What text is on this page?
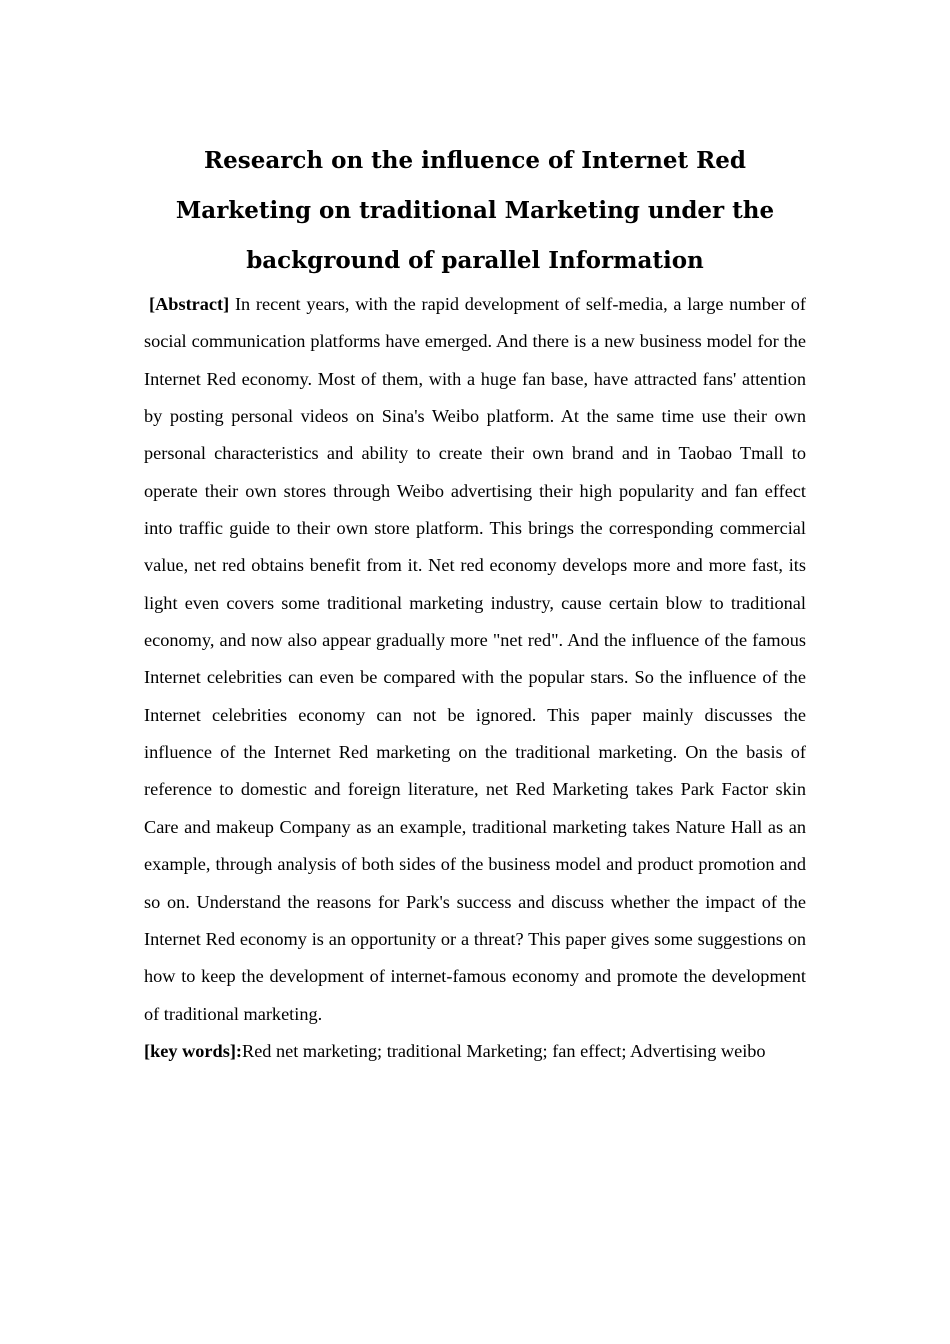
Research on the influence of Internet Red Marketing on traditional Marketing under the background of parallel Information

[Abstract] In recent years, with the rapid development of self-media, a large number of social communication platforms have emerged. And there is a new business model for the Internet Red economy. Most of them, with a huge fan base, have attracted fans' attention by posting personal videos on Sina's Weibo platform. At the same time use their own personal characteristics and ability to create their own brand and in Taobao Tmall to operate their own stores through Weibo advertising their high popularity and fan effect into traffic guide to their own store platform. This brings the corresponding commercial value, net red obtains benefit from it. Net red economy develops more and more fast, its light even covers some traditional marketing industry, cause certain blow to traditional economy, and now also appear gradually more "net red". And the influence of the famous Internet celebrities can even be compared with the popular stars. So the influence of the Internet celebrities economy can not be ignored. This paper mainly discusses the influence of the Internet Red marketing on the traditional marketing. On the basis of reference to domestic and foreign literature, net Red Marketing takes Park Factor skin Care and makeup Company as an example, traditional marketing takes Nature Hall as an example, through analysis of both sides of the business model and product promotion and so on. Understand the reasons for Park's success and discuss whether the impact of the Internet Red economy is an opportunity or a threat? This paper gives some suggestions on how to keep the development of internet-famous economy and promote the development of traditional marketing.

[key words]:Red net marketing; traditional Marketing; fan effect; Advertising weibo
